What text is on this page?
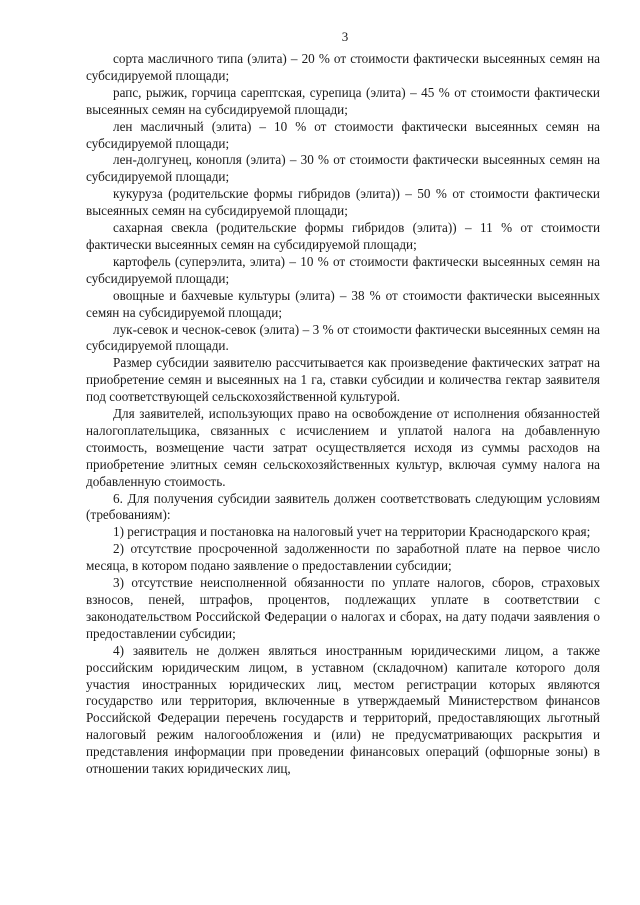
3

сорта масличного типа (элита) – 20 % от стоимости фактически высеянных семян на субсидируемой площади;

рапс, рыжик, горчица сарептская, сурепица (элита) – 45 % от стоимости фактически высеянных семян на субсидируемой площади;

лен масличный (элита) – 10 % от стоимости фактически высеянных семян на субсидируемой площади;

лен-долгунец, конопля (элита) – 30 % от стоимости фактически высеянных семян на субсидируемой площади;

кукуруза (родительские формы гибридов (элита)) – 50 % от стоимости фактически высеянных семян на субсидируемой площади;

сахарная свекла (родительские формы гибридов (элита)) – 11 % от стоимости фактически высеянных семян на субсидируемой площади;

картофель (суперэлита, элита) – 10 % от стоимости фактически высеянных семян на субсидируемой площади;

овощные и бахчевые культуры (элита) – 38 % от стоимости фактически высеянных семян на субсидируемой площади;

лук-севок и чеснок-севок (элита) – 3 % от стоимости фактически высеянных семян на субсидируемой площади.

Размер субсидии заявителю рассчитывается как произведение фактических затрат на приобретение семян и высеянных на 1 га, ставки субсидии и количества гектар заявителя под соответствующей сельскохозяйственной культурой.

Для заявителей, использующих право на освобождение от исполнения обязанностей налогоплательщика, связанных с исчислением и уплатой налога на добавленную стоимость, возмещение части затрат осуществляется исходя из суммы расходов на приобретение элитных семян сельскохозяйственных культур, включая сумму налога на добавленную стоимость.

6. Для получения субсидии заявитель должен соответствовать следующим условиям (требованиям):

1) регистрация и постановка на налоговый учет на территории Краснодарского края;

2) отсутствие просроченной задолженности по заработной плате на первое число месяца, в котором подано заявление о предоставлении субсидии;

3) отсутствие неисполненной обязанности по уплате налогов, сборов, страховых взносов, пеней, штрафов, процентов, подлежащих уплате в соответствии с законодательством Российской Федерации о налогах и сборах, на дату подачи заявления о предоставлении субсидии;

4) заявитель не должен являться иностранным юридическими лицом, а также российским юридическим лицом, в уставном (складочном) капитале которого доля участия иностранных юридических лиц, местом регистрации которых являются государство или территория, включенные в утверждаемый Министерством финансов Российской Федерации перечень государств и территорий, предоставляющих льготный налоговый режим налогообложения и (или) не предусматривающих раскрытия и представления информации при проведении финансовых операций (офшорные зоны) в отношении таких юридических лиц,
